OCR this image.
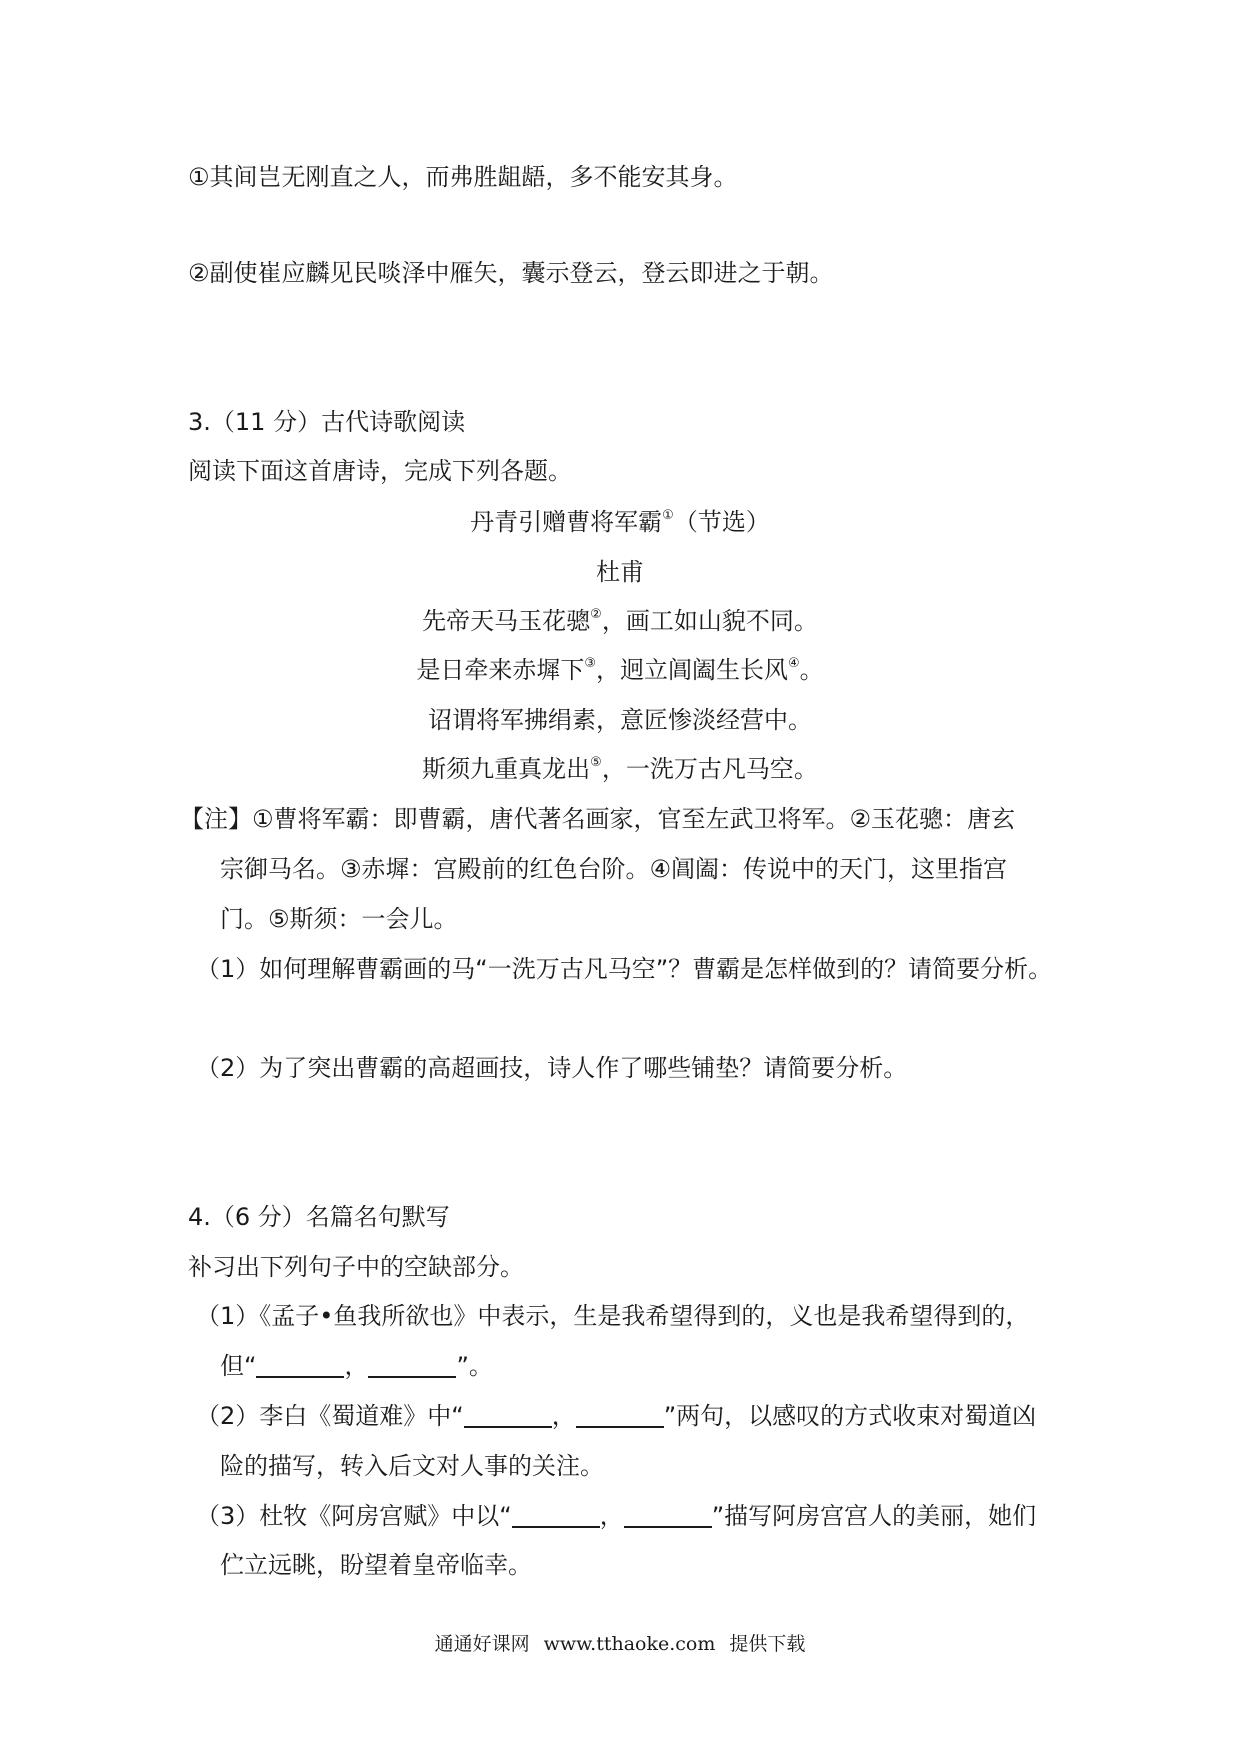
①其间岂无刚直之人，而弗胜龃龉，多不能安其身。
②副使崔应麟见民啖泽中雁矢，囊示登云，登云即进之于朝。
3.（11 分）古代诗歌阅读
阅读下面这首唐诗，完成下列各题。
丹青引赠曹将军霸①（节选）
杜甫
先帝天马玉花骢②，画工如山貌不同。
是日牵来赤墀下③，迥立阊阖生长风④。
诏谓将军拂绢素，意匠惨淡经营中。
斯须九重真龙出⑤，一洗万古凡马空。
【注】①曹将军霸：即曹霸，唐代著名画家，官至左武卫将军。②玉花骢：唐玄
宗御马名。③赤墀：宫殿前的红色台阶。④阊阖：传说中的天门，这里指宫
门。⑤斯须：一会儿。
（1）如何理解曹霸画的马“一洗万古凡马空”？曹霸是怎样做到的？请简要分析。
（2）为了突出曹霸的高超画技，诗人作了哪些铺垫？请简要分析。
4.（6 分）名篇名句默写
补习出下列句子中的空缺部分。
（1）《孟子•鱼我所欲也》中表示，生是我希望得到的，义也是我希望得到的，
但“	，	”。
（2）李白《蜀道难》中“	，	”两句，以感叹的方式收束对蜀道凶
险的描写，转入后文对人事的关注。
（3）杜牧《阿房宫赋》中以“	，	”描写阿房宫宫人的美丽，她们
伫立远眺，盼望着皇帝临幸。
通通好课网 www.tthaoke.com 提供下载
